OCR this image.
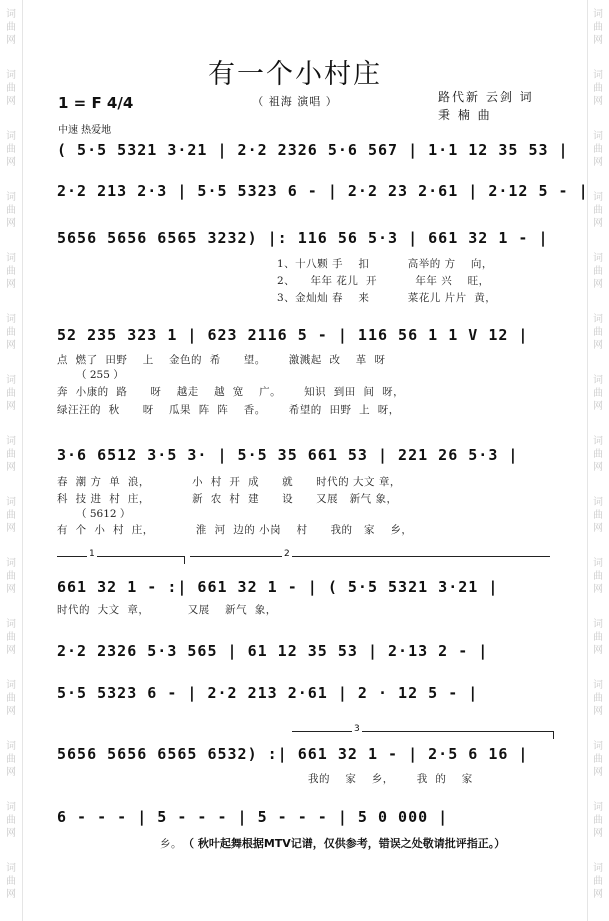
词
曲
网
词
曲
网
词
曲
网
词
曲
网
词
曲
网
词
曲
网
词
曲
网
词
曲
网
词
曲
网
词
曲
网
词
曲
网
词
曲
网
词
曲
网
词
曲
网
词
曲
网
词
曲
网
词
曲
网
词
曲
网
词
曲
网
词
曲
网
词
曲
网
词
曲
网
词
曲
网
词
曲
网
词
曲
网
词
曲
网
词
曲
网
词
曲
网
词
曲
网
词
曲
网
有一个小村庄
（ 祖海 演唱 ）
1 = F 4/4
中速 热爱地
路代新 云剑 词
秉 楠 曲
( 5·5 5321 3·21 | 2·2 2326 5·6 567 | 1·1 12 35 53 |
2·2 213 2·3 | 5·5 5323 6 - | 2·2 23 2·61 | 2·12 5 - |
5656 5656 6565 3232) |: 116 56 5·3 | 661 32 1 - |
1、十八颗 手    扣          高举的 方    向，
2、    年年 花儿  开          年年 兴    旺，
3、金灿灿 春    来          菜花儿 片片  黄，
52 235 323 1 | 623 2116 5 - | 116 56 1 1 V 12 |
点  燃了  田野    上    金色的  希      望。      激溅起  改    革  呀
（ 255 ）
奔  小康的  路      呀    越走    越  宽    广。      知识  到田  间  呀，
绿汪汪的  秋      呀    瓜果  阵  阵    香。      希望的  田野  上  呀，
3·6 6512 3·5 3· | 5·5 35 661 53 | 221 26 5·3 |
春  潮 方  单  浪，           小  村  开  成      就      时代的 大文 章，
科  技 进  村  庄，           新  农  村  建      设      又展   新气 象，
（ 5612 ）
有  个  小  村  庄，           淮  河  边的 小岗    村      我的   家    乡，
1	2
661 32 1 - :| 661 32 1 - | ( 5·5 5321 3·21 |
时代的  大文  章，          又展    新气  象，
2·2 2326 5·3 565 | 61 12 35 53 | 2·13 2 - |
5·5 5323 6 - | 2·2 213 2·61 | 2 · 12 5 - |
3
5656 5656 6565 6532) :| 661 32 1 - | 2·5 6 16 |
我的    家    乡，      我  的    家
6 - - - | 5 - - - | 5 - - - | 5 0 000 |
乡。 （ 秋叶起舞根据MTV记谱，仅供参考，错误之处敬请批评指正。）
